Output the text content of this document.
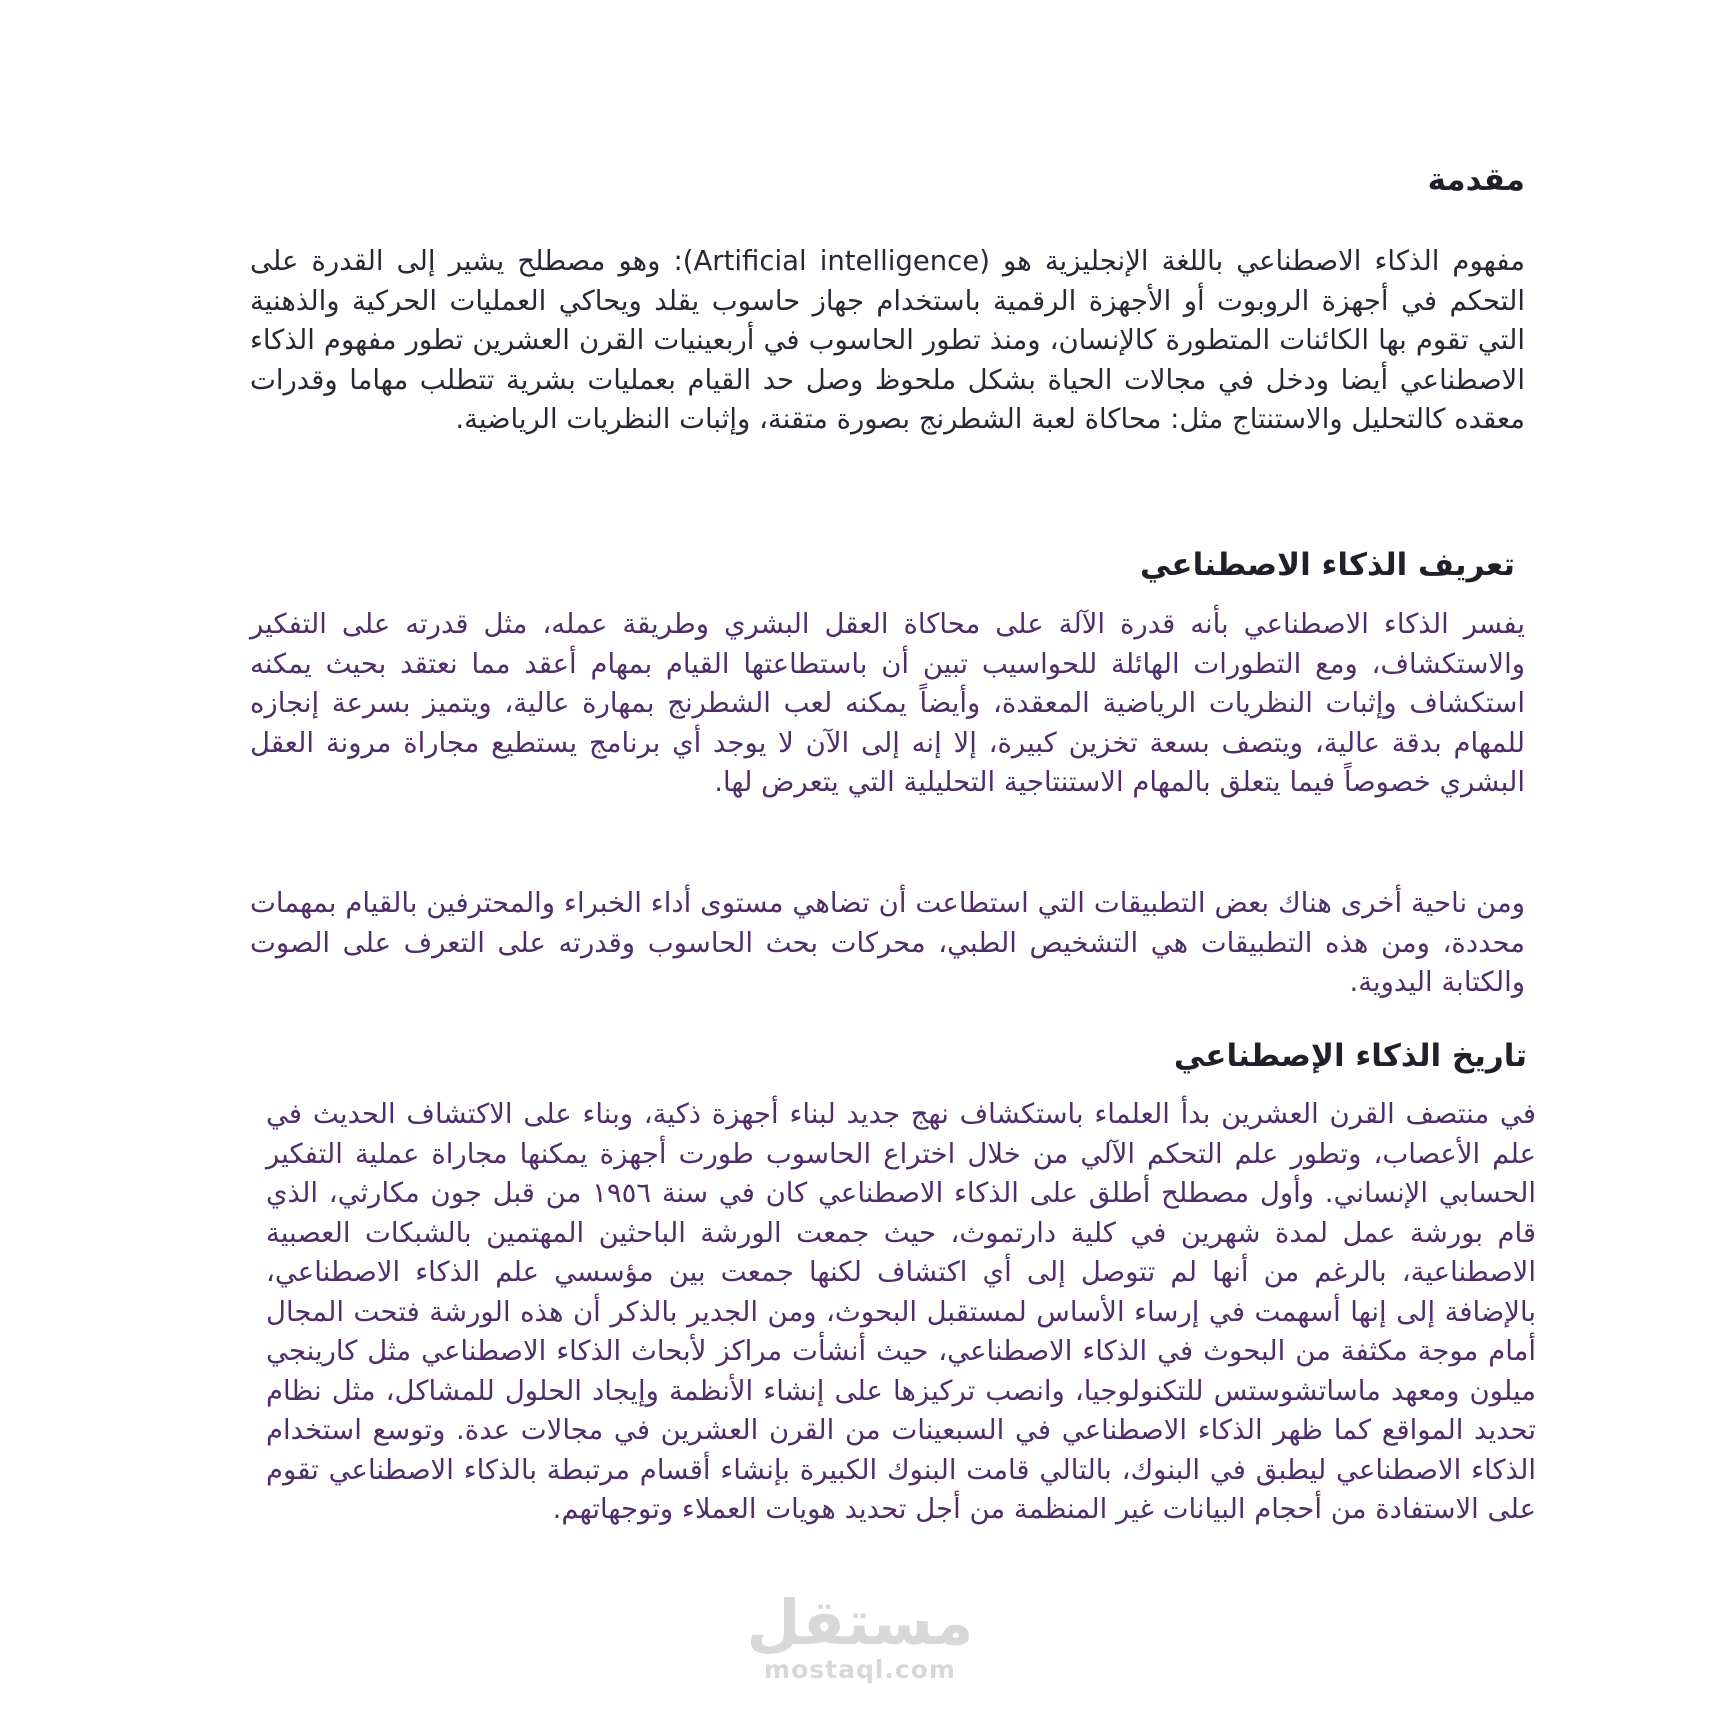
مقدمة

مفهوم الذكاء الاصطناعي باللغة الإنجليزية هو (Artificial intelligence): وهو مصطلح يشير إلى القدرة على التحكم في أجهزة الروبوت أو الأجهزة الرقمية باستخدام جهاز حاسوب يقلد ويحاكي العمليات الحركية والذهنية التي تقوم بها الكائنات المتطورة كالإنسان، ومنذ تطور الحاسوب في أربعينيات القرن العشرين تطور مفهوم الذكاء الاصطناعي أيضا ودخل في مجالات الحياة بشكل ملحوظ وصل حد القيام بعمليات بشرية تتطلب مهاما وقدرات معقده كالتحليل والاستنتاج مثل: محاكاة لعبة الشطرنج بصورة متقنة، وإثبات النظريات الرياضية.

تعريف الذكاء الاصطناعي

يفسر الذكاء الاصطناعي بأنه قدرة الآلة على محاكاة العقل البشري وطريقة عمله، مثل قدرته على التفكير والاستكشاف، ومع التطورات الهائلة للحواسيب تبين أن باستطاعتها القيام بمهام أعقد مما نعتقد بحيث يمكنه استكشاف وإثبات النظريات الرياضية المعقدة، وأيضاً يمكنه لعب الشطرنج بمهارة عالية، ويتميز بسرعة إنجازه للمهام بدقة عالية، ويتصف بسعة تخزين كبيرة، إلا إنه إلى الآن لا يوجد أي برنامج يستطيع مجاراة مرونة العقل البشري خصوصاً فيما يتعلق بالمهام الاستنتاجية التحليلية التي يتعرض لها.

ومن ناحية أخرى هناك بعض التطبيقات التي استطاعت أن تضاهي مستوى أداء الخبراء والمحترفين بالقيام بمهمات محددة، ومن هذه التطبيقات هي التشخيص الطبي، محركات بحث الحاسوب وقدرته على التعرف على الصوت والكتابة اليدوية.

تاريخ الذكاء الإصطناعي

في منتصف القرن العشرين بدأ العلماء باستكشاف نهج جديد لبناء أجهزة ذكية، وبناء على الاكتشاف الحديث في علم الأعصاب، وتطور علم التحكم الآلي من خلال اختراع الحاسوب طورت أجهزة يمكنها مجاراة عملية التفكير الحسابي الإنساني. وأول مصطلح أطلق على الذكاء الاصطناعي كان في سنة ١٩٥٦ من قبل جون مكارثي، الذي قام بورشة عمل لمدة شهرين في كلية دارتموث، حيث جمعت الورشة الباحثين المهتمين بالشبكات العصبية الاصطناعية، بالرغم من أنها لم تتوصل إلى أي اكتشاف لكنها جمعت بين مؤسسي علم الذكاء الاصطناعي، بالإضافة إلى إنها أسهمت في إرساء الأساس لمستقبل البحوث، ومن الجدير بالذكر أن هذه الورشة فتحت المجال أمام موجة مكثفة من البحوث في الذكاء الاصطناعي، حيث أنشأت مراكز لأبحاث الذكاء الاصطناعي مثل كارينجي ميلون ومعهد ماساتشوستس للتكنولوجيا، وانصب تركيزها على إنشاء الأنظمة وإيجاد الحلول للمشاكل، مثل نظام تحديد المواقع كما ظهر الذكاء الاصطناعي في السبعينات من القرن العشرين في مجالات عدة. وتوسع استخدام الذكاء الاصطناعي ليطبق في البنوك، بالتالي قامت البنوك الكبيرة بإنشاء أقسام مرتبطة بالذكاء الاصطناعي تقوم على الاستفادة من أحجام البيانات غير المنظمة من أجل تحديد هويات العملاء وتوجهاتهم.

مستقل
mostaql.com
